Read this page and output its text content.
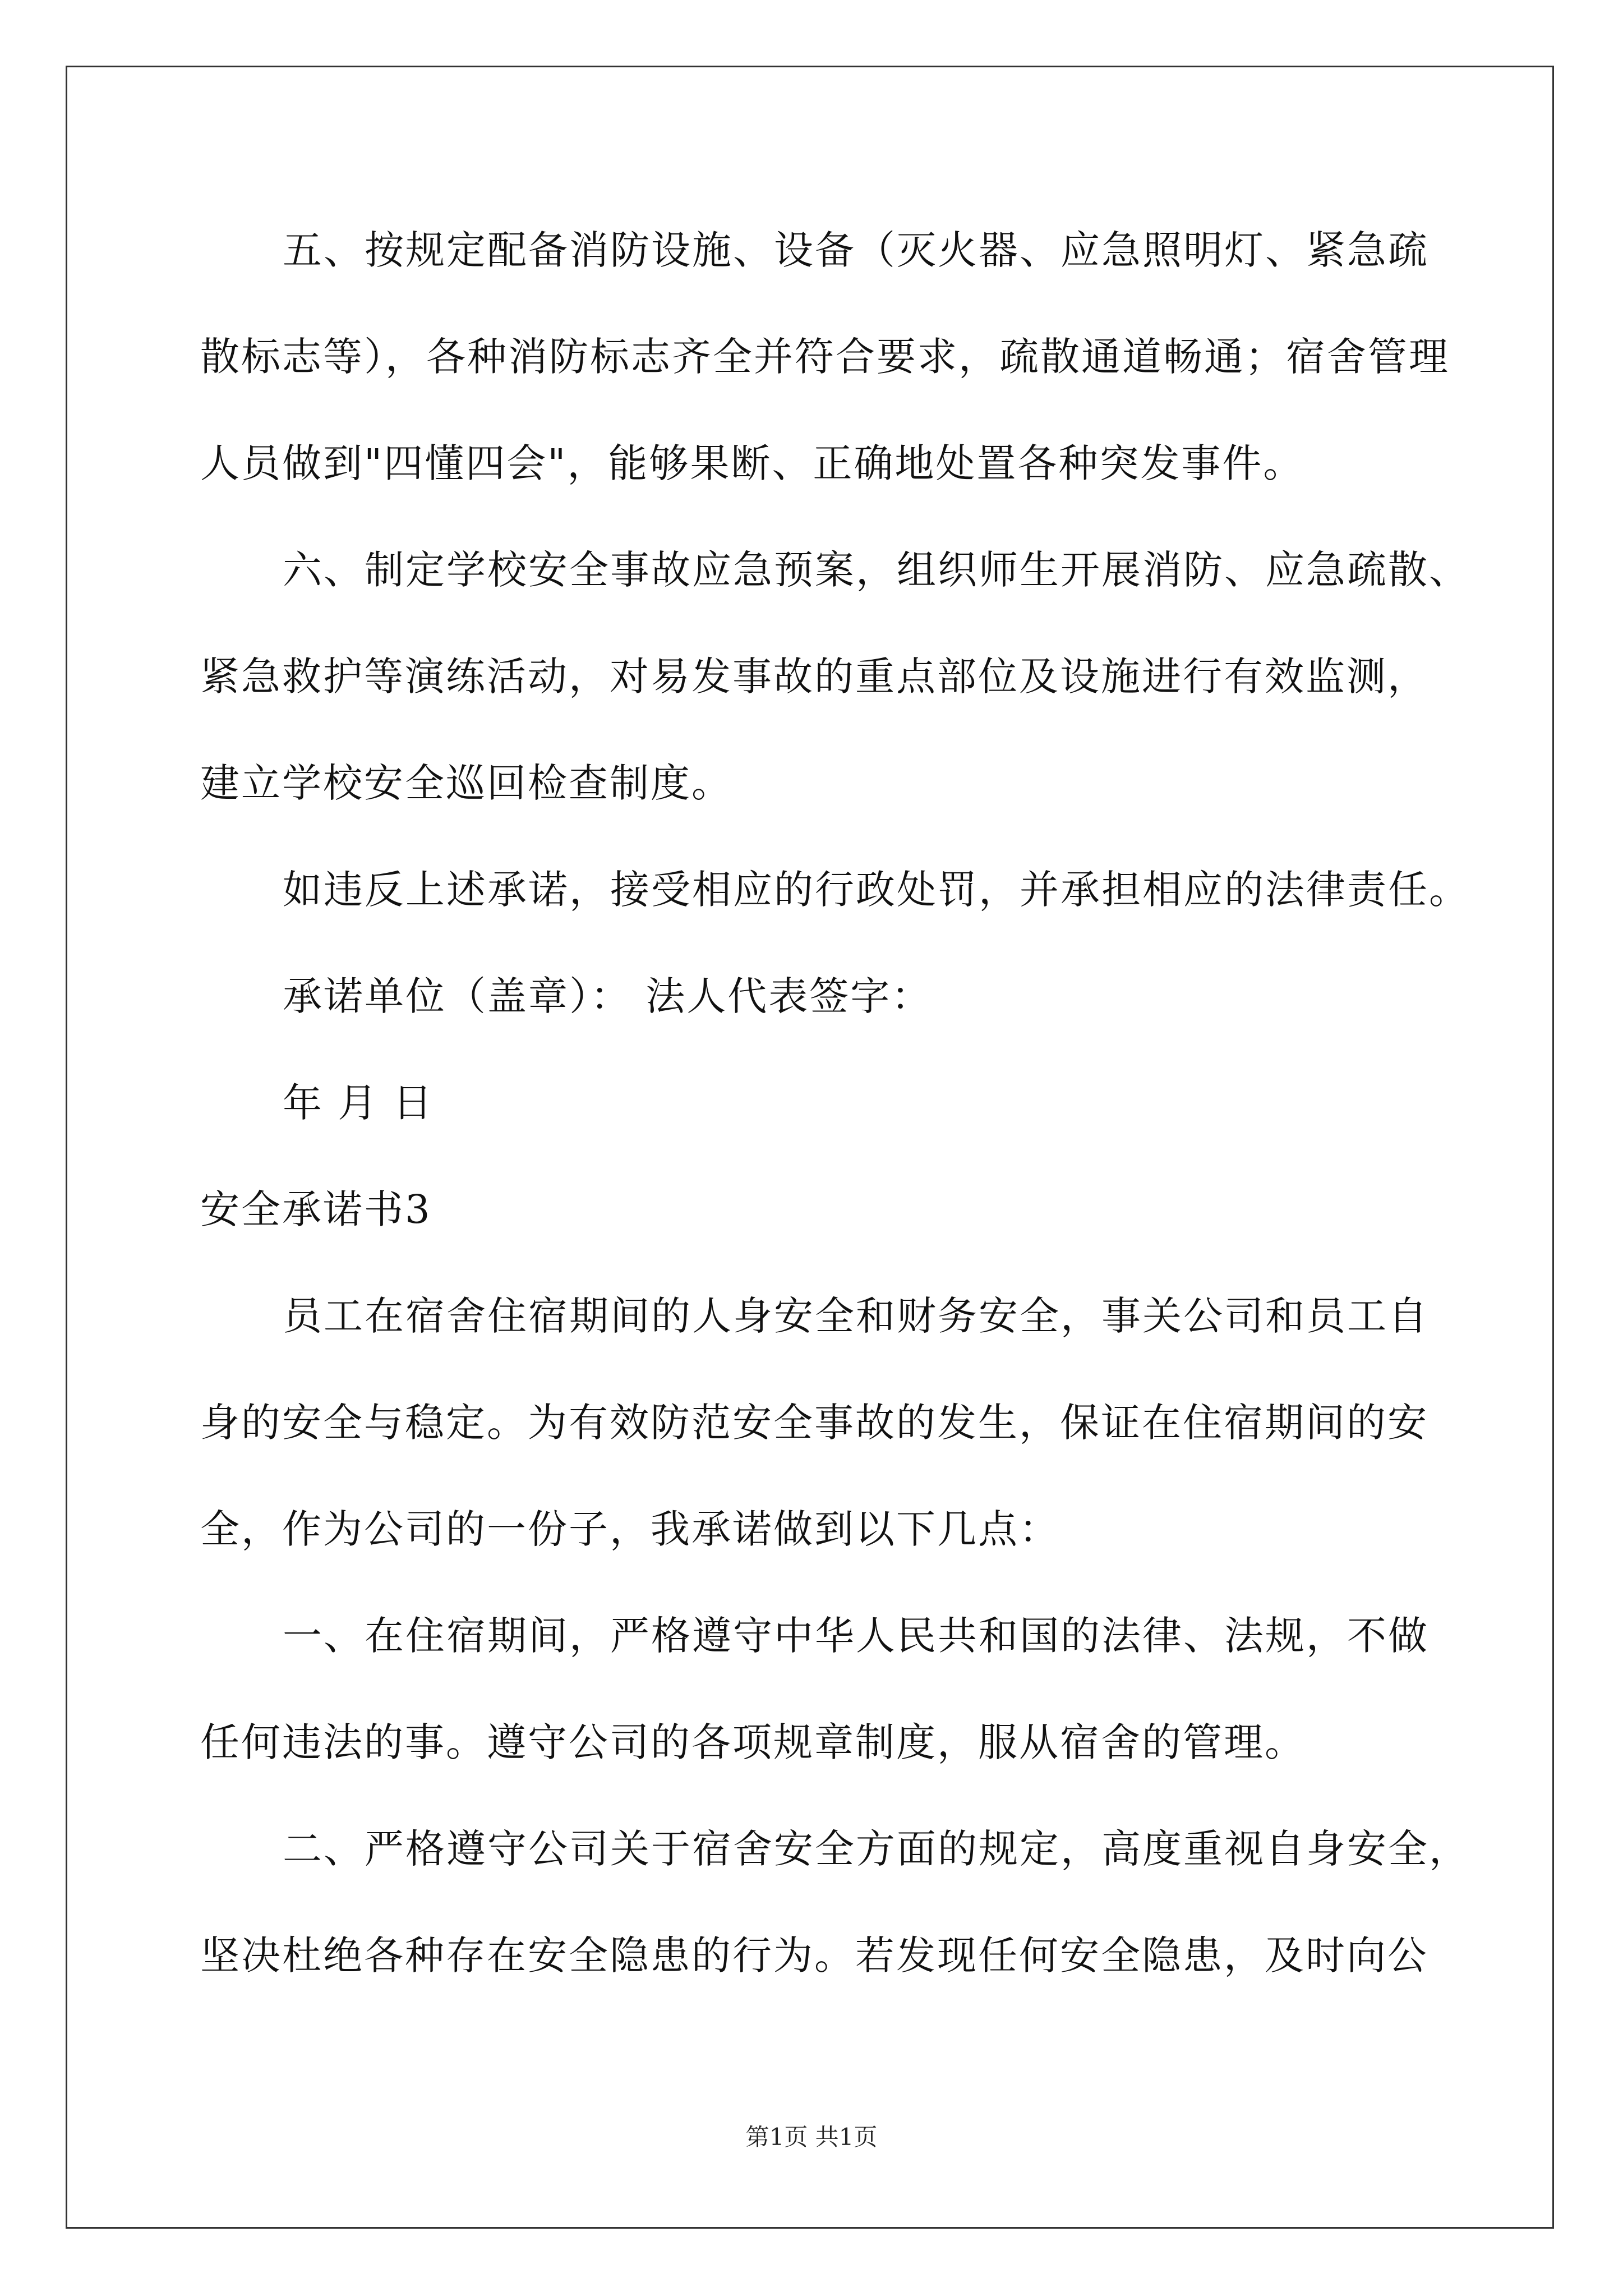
五、按规定配备消防设施、设备（灭火器、应急照明灯、紧急疏
散标志等），各种消防标志齐全并符合要求，疏散通道畅通；宿舍管理
人员做到"四懂四会"，能够果断、正确地处置各种突发事件。
六、制定学校安全事故应急预案，组织师生开展消防、应急疏散、
紧急救护等演练活动，对易发事故的重点部位及设施进行有效监测，
建立学校安全巡回检查制度。
如违反上述承诺，接受相应的行政处罚，并承担相应的法律责任。
承诺单位（盖章）： 法人代表签字：
年 月 日
安全承诺书3
员工在宿舍住宿期间的人身安全和财务安全，事关公司和员工自
身的安全与稳定。为有效防范安全事故的发生，保证在住宿期间的安
全，作为公司的一份子，我承诺做到以下几点：
一、在住宿期间，严格遵守中华人民共和国的法律、法规，不做
任何违法的事。遵守公司的各项规章制度，服从宿舍的管理。
二、严格遵守公司关于宿舍安全方面的规定，高度重视自身安全，
坚决杜绝各种存在安全隐患的行为。若发现任何安全隐患，及时向公
第1页 共1页
